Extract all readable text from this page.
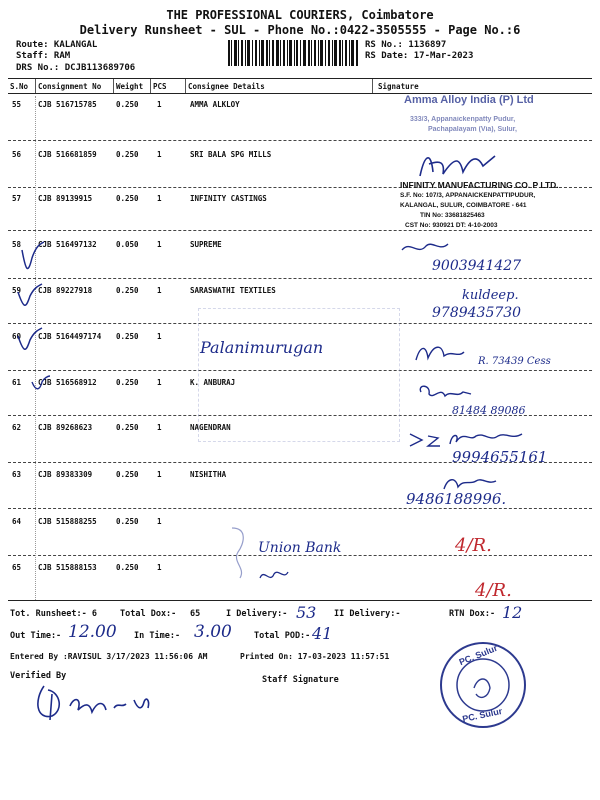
THE PROFESSIONAL COURIERS, Coimbatore
Delivery Runsheet - SUL - Phone No.:0422-3505555 - Page No.:6
Route: KALANGAL
Staff: RAM
DRS No.: DCJB113689706
RS No.: 1136897
RS Date: 17-Mar-2023
S.No Consignment No Weight PCS	Consignee Details	Signature
55 CJB 516715785	0.250 1	AMMA ALKLOY
56 CJB 516681859	0.250 1	SRI BALA SPG MILLS
57 CJB 89139915	0.250 1	INFINITY CASTINGS
58 CJB 516497132	0.050 1	SUPREME
59 CJB 89227918	0.250 1	SARASWATHI TEXTILES
60 CJB 5164497174 0.250 1
61 CJB 516568912	0.250 1	K. ANBURAJ
62 CJB 89268623	0.250 1	NAGENDRAN
63 CJB 89383309	0.250 1	NISHITHA
64 CJB 515888255	0.250 1
65 CJB 515888153	0.250 1
Amma Alloy India (P) Ltd
333/3, Appanaickenpatty Pudur,
Pachapalayam (Via), Sulur,
INFINITY MANUFACTURING CO. P LTD.
S.F. No: 107/3, APPANAICKENPATTIPUDUR,
KALANGAL, SULUR, COIMBATORE - 641
TIN No: 33681825463
CST No: 930921 DT: 4-10-2003
9003941427
kuldeep.
9789435730
Palanimurugan
R. 73439 Cess
81484 89086
9994655161
9486188996.
Union Bank	4/R.
4/R.
Tot. Runsheet:- 6	Total Dox:- 65	I Delivery:- 53 II Delivery:-	RTN Dox:- 12
Out Time:- 12.00 In Time:- 3.00	Total POD:- 41
Entered By :RAVISUL 3/17/2023 11:56:06 AM	Printed On: 17-03-2023 11:57:51
Verified By	Staff Signature
PC. Sulur
PC. Sulur
